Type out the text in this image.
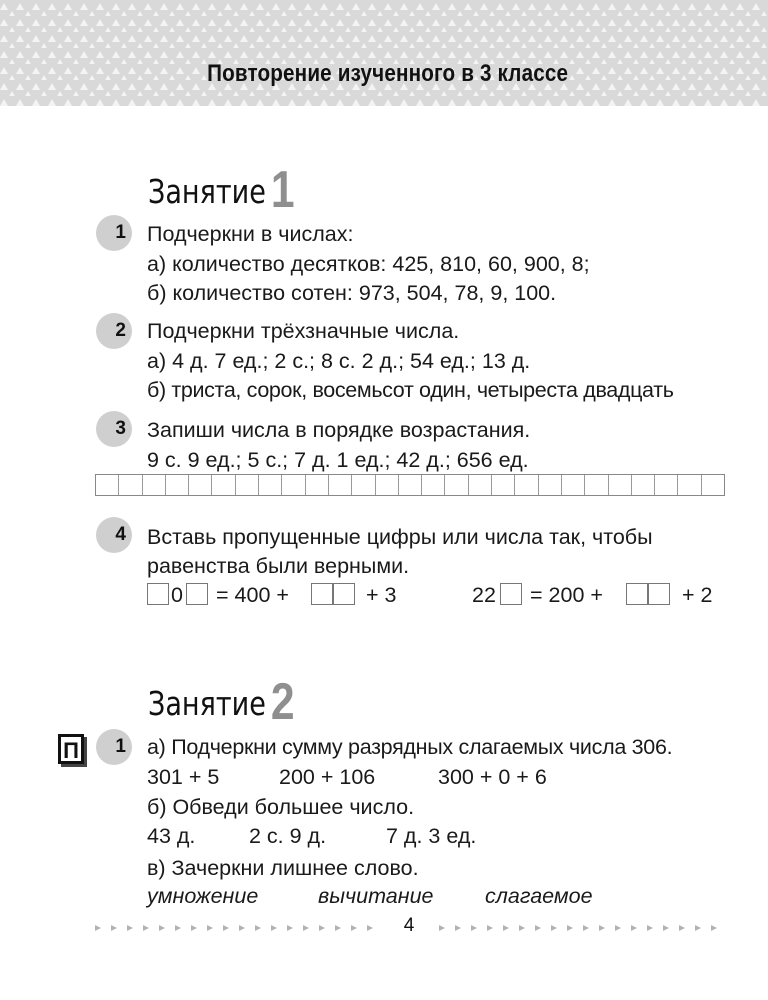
Повторение изученного в 3 классе
Занятие1
1 Подчеркни в числах:
а) количество десятков: 425, 810, 60, 900, 8;
б) количество сотен: 973, 504, 78, 9, 100.
2 Подчеркни трёхзначные числа.
а) 4 д. 7 ед.; 2 с.; 8 с. 2 д.; 54 ед.; 13 д.
б) триста, сорок, восемьсот один, четыреста двадцать
3 Запиши числа в порядке возрастания.
9 с. 9 ед.; 5 с.; 7 д. 1 ед.; 42 д.; 656 ед.
4 Вставь пропущенные цифры или числа так, чтобы
равенства были верными.
0 = 400 +	+ 3	22 = 200 +	+ 2
Занятие2
П	1 а) Подчеркни сумму разрядных слагаемых числа 306.
301 + 5	200 + 106	300 + 0 + 6
б) Обведи большее число.
43 д. 2 с. 9 д.	7 д. 3 ед.
в) Зачеркни лишнее слово.
умножение	вычитание слагаемое
4
